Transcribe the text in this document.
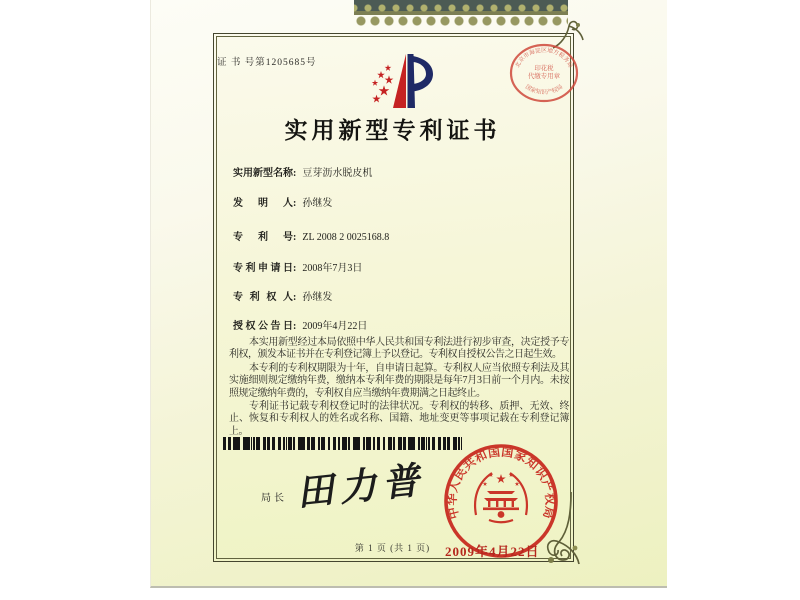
证 书 号第1205685号
实用新型专利证书
实用新型名称: 豆芽沥水脱皮机
发明人: 孙继发
专利号: ZL 2008 2 0025168.8
专利申请日: 2008年7月3日
专利权人: 孙继发
授权公告日: 2009年4月22日

本实用新型经过本局依照中华人民共和国专利法进行初步审查，决定授予专利权，颁发本证书并在专利登记簿上予以登记。专利权自授权公告之日起生效。

本专利的专利权期限为十年，自申请日起算。专利权人应当依照专利法及其实施细则规定缴纳年费，缴纳本专利年费的期限是每年7月3日前一个月内。未按照规定缴纳年费的，专利权自应当缴纳年费期满之日起终止。

专利证书记载专利权登记时的法律状况。专利权的转移、质押、无效、终止、恢复和专利权人的姓名或名称、国籍、地址变更等事项记载在专利登记簿上。

局长 田力普 中华人民共和国国家知识产权局
2009年4月22日
北京市海淀区地方税务局
国家知识产权局
印花税
代缴专用章
第 1 页 (共 1 页)
